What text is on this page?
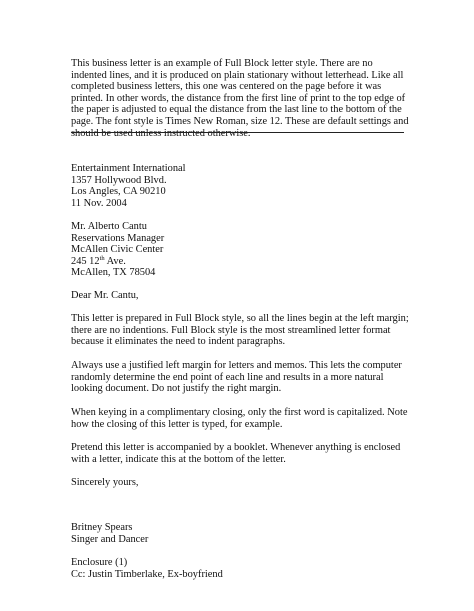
This business letter is an example of Full Block letter style. There are no indented lines, and it is produced on plain stationary without letterhead. Like all completed business letters, this one was centered on the page before it was printed. In other words, the distance from the first line of print to the top edge of the paper is adjusted to equal the distance from the last line to the bottom of the page. The font style is Times New Roman, size 12. These are default settings and should be used unless instructed otherwise.

Entertainment International

1357 Hollywood Blvd.

Los Angles, CA 90210

11 Nov. 2004

Mr. Alberto Cantu

Reservations Manager

McAllen Civic Center

245 12th Ave.

McAllen, TX 78504

Dear Mr. Cantu,

This letter is prepared in Full Block style, so all the lines begin at the left margin; there are no indentions. Full Block style is the most streamlined letter format because it eliminates the need to indent paragraphs.

Always use a justified left margin for letters and memos. This lets the computer randomly determine the end point of each line and results in a more natural looking document. Do not justify the right margin.

When keying in a complimentary closing, only the first word is capitalized. Note how the closing of this letter is typed, for example.

Pretend this letter is accompanied by a booklet. Whenever anything is enclosed with a letter, indicate this at the bottom of the letter.

Sincerely yours,

Britney Spears

Singer and Dancer

Enclosure (1)

Cc: Justin Timberlake, Ex-boyfriend
